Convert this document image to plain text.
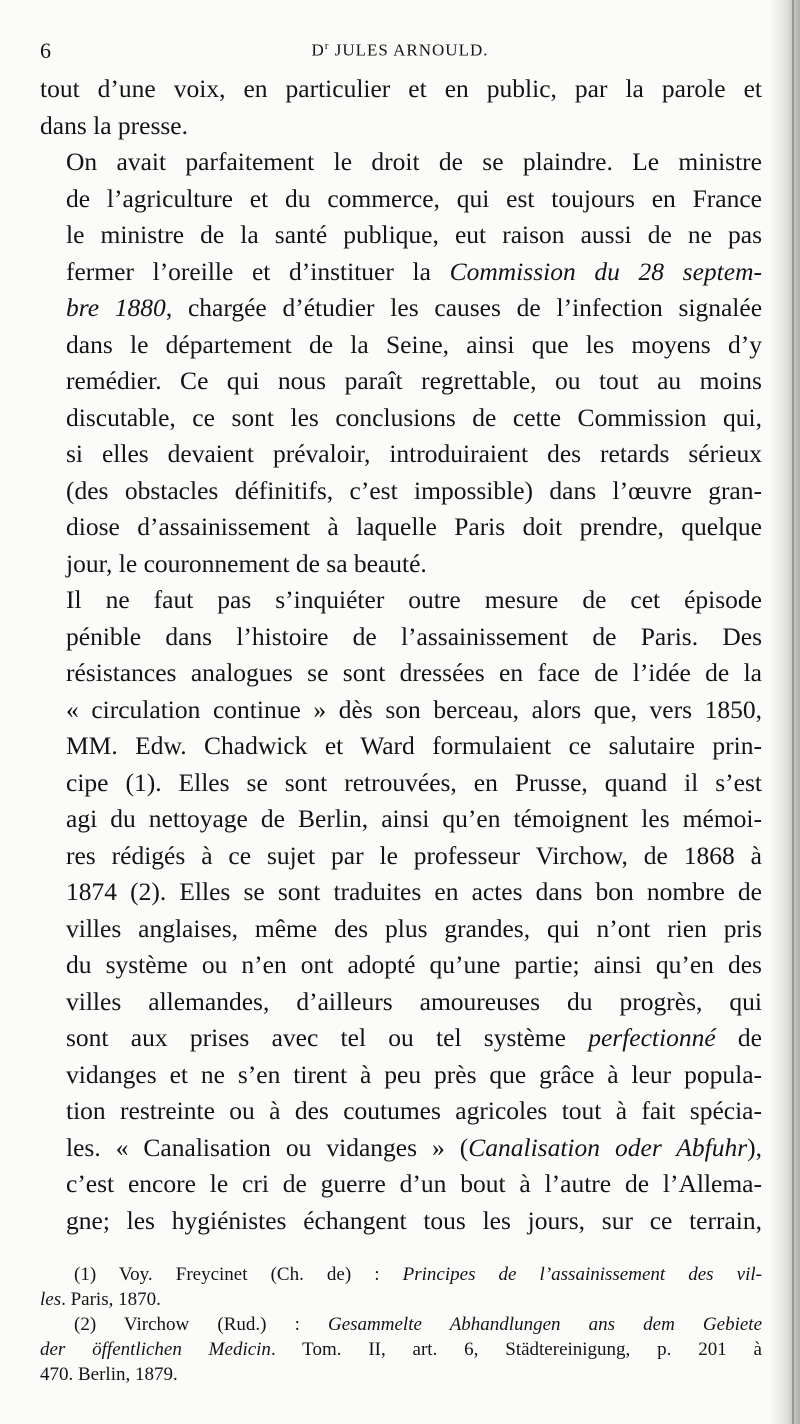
6	$D^r$ JULES ARNOULD.

tout d’une voix, en particulier et en public, par la parole et
dans la presse.

On avait parfaitement le droit de se plaindre. Le ministre
de l’agriculture et du commerce, qui est toujours en France
le ministre de la santé publique, eut raison aussi de ne pas
fermer l’oreille et d’instituer la Commission du 28 septem-
bre 1880, chargée d’étudier les causes de l’infection signalée
dans le département de la Seine, ainsi que les moyens d’y
remédier. Ce qui nous paraît regrettable, ou tout au moins
discutable, ce sont les conclusions de cette Commission qui,
si elles devaient prévaloir, introduiraient des retards sérieux
(des obstacles définitifs, c’est impossible) dans l’œuvre gran-
diose d’assainissement à laquelle Paris doit prendre, quelque
jour, le couronnement de sa beauté.

Il ne faut pas s’inquiéter outre mesure de cet épisode
pénible dans l’histoire de l’assainissement de Paris. Des
résistances analogues se sont dressées en face de l’idée de la
« circulation continue » dès son berceau, alors que, vers 1850,
MM. Edw. Chadwick et Ward formulaient ce salutaire prin-
cipe (1). Elles se sont retrouvées, en Prusse, quand il s’est
agi du nettoyage de Berlin, ainsi qu’en témoignent les mémoi-
res rédigés à ce sujet par le professeur Virchow, de 1868 à
1874 (2). Elles se sont traduites en actes dans bon nombre de
villes anglaises, même des plus grandes, qui n’ont rien pris
du système ou n’en ont adopté qu’une partie; ainsi qu’en des
villes allemandes, d’ailleurs amoureuses du progrès, qui
sont aux prises avec tel ou tel système perfectionné de
vidanges et ne s’en tirent à peu près que grâce à leur popula-
tion restreinte ou à des coutumes agricoles tout à fait spécia-
les. « Canalisation ou vidanges » (Canalisation oder Abfuhr),
c’est encore le cri de guerre d’un bout à l’autre de l’Allema-
gne; les hygiénistes échangent tous les jours, sur ce terrain,

(1) Voy. Freycinet (Ch. de) : Principes de l’assainissement des vil-
les. Paris, 1870.
(2) Virchow (Rud.) : Gesammelte Abhandlungen ans dem Gebiete
der öffentlichen Medicin. Tom. II, art. 6, Städtereinigung, p. 201 à
470. Berlin, 1879.
